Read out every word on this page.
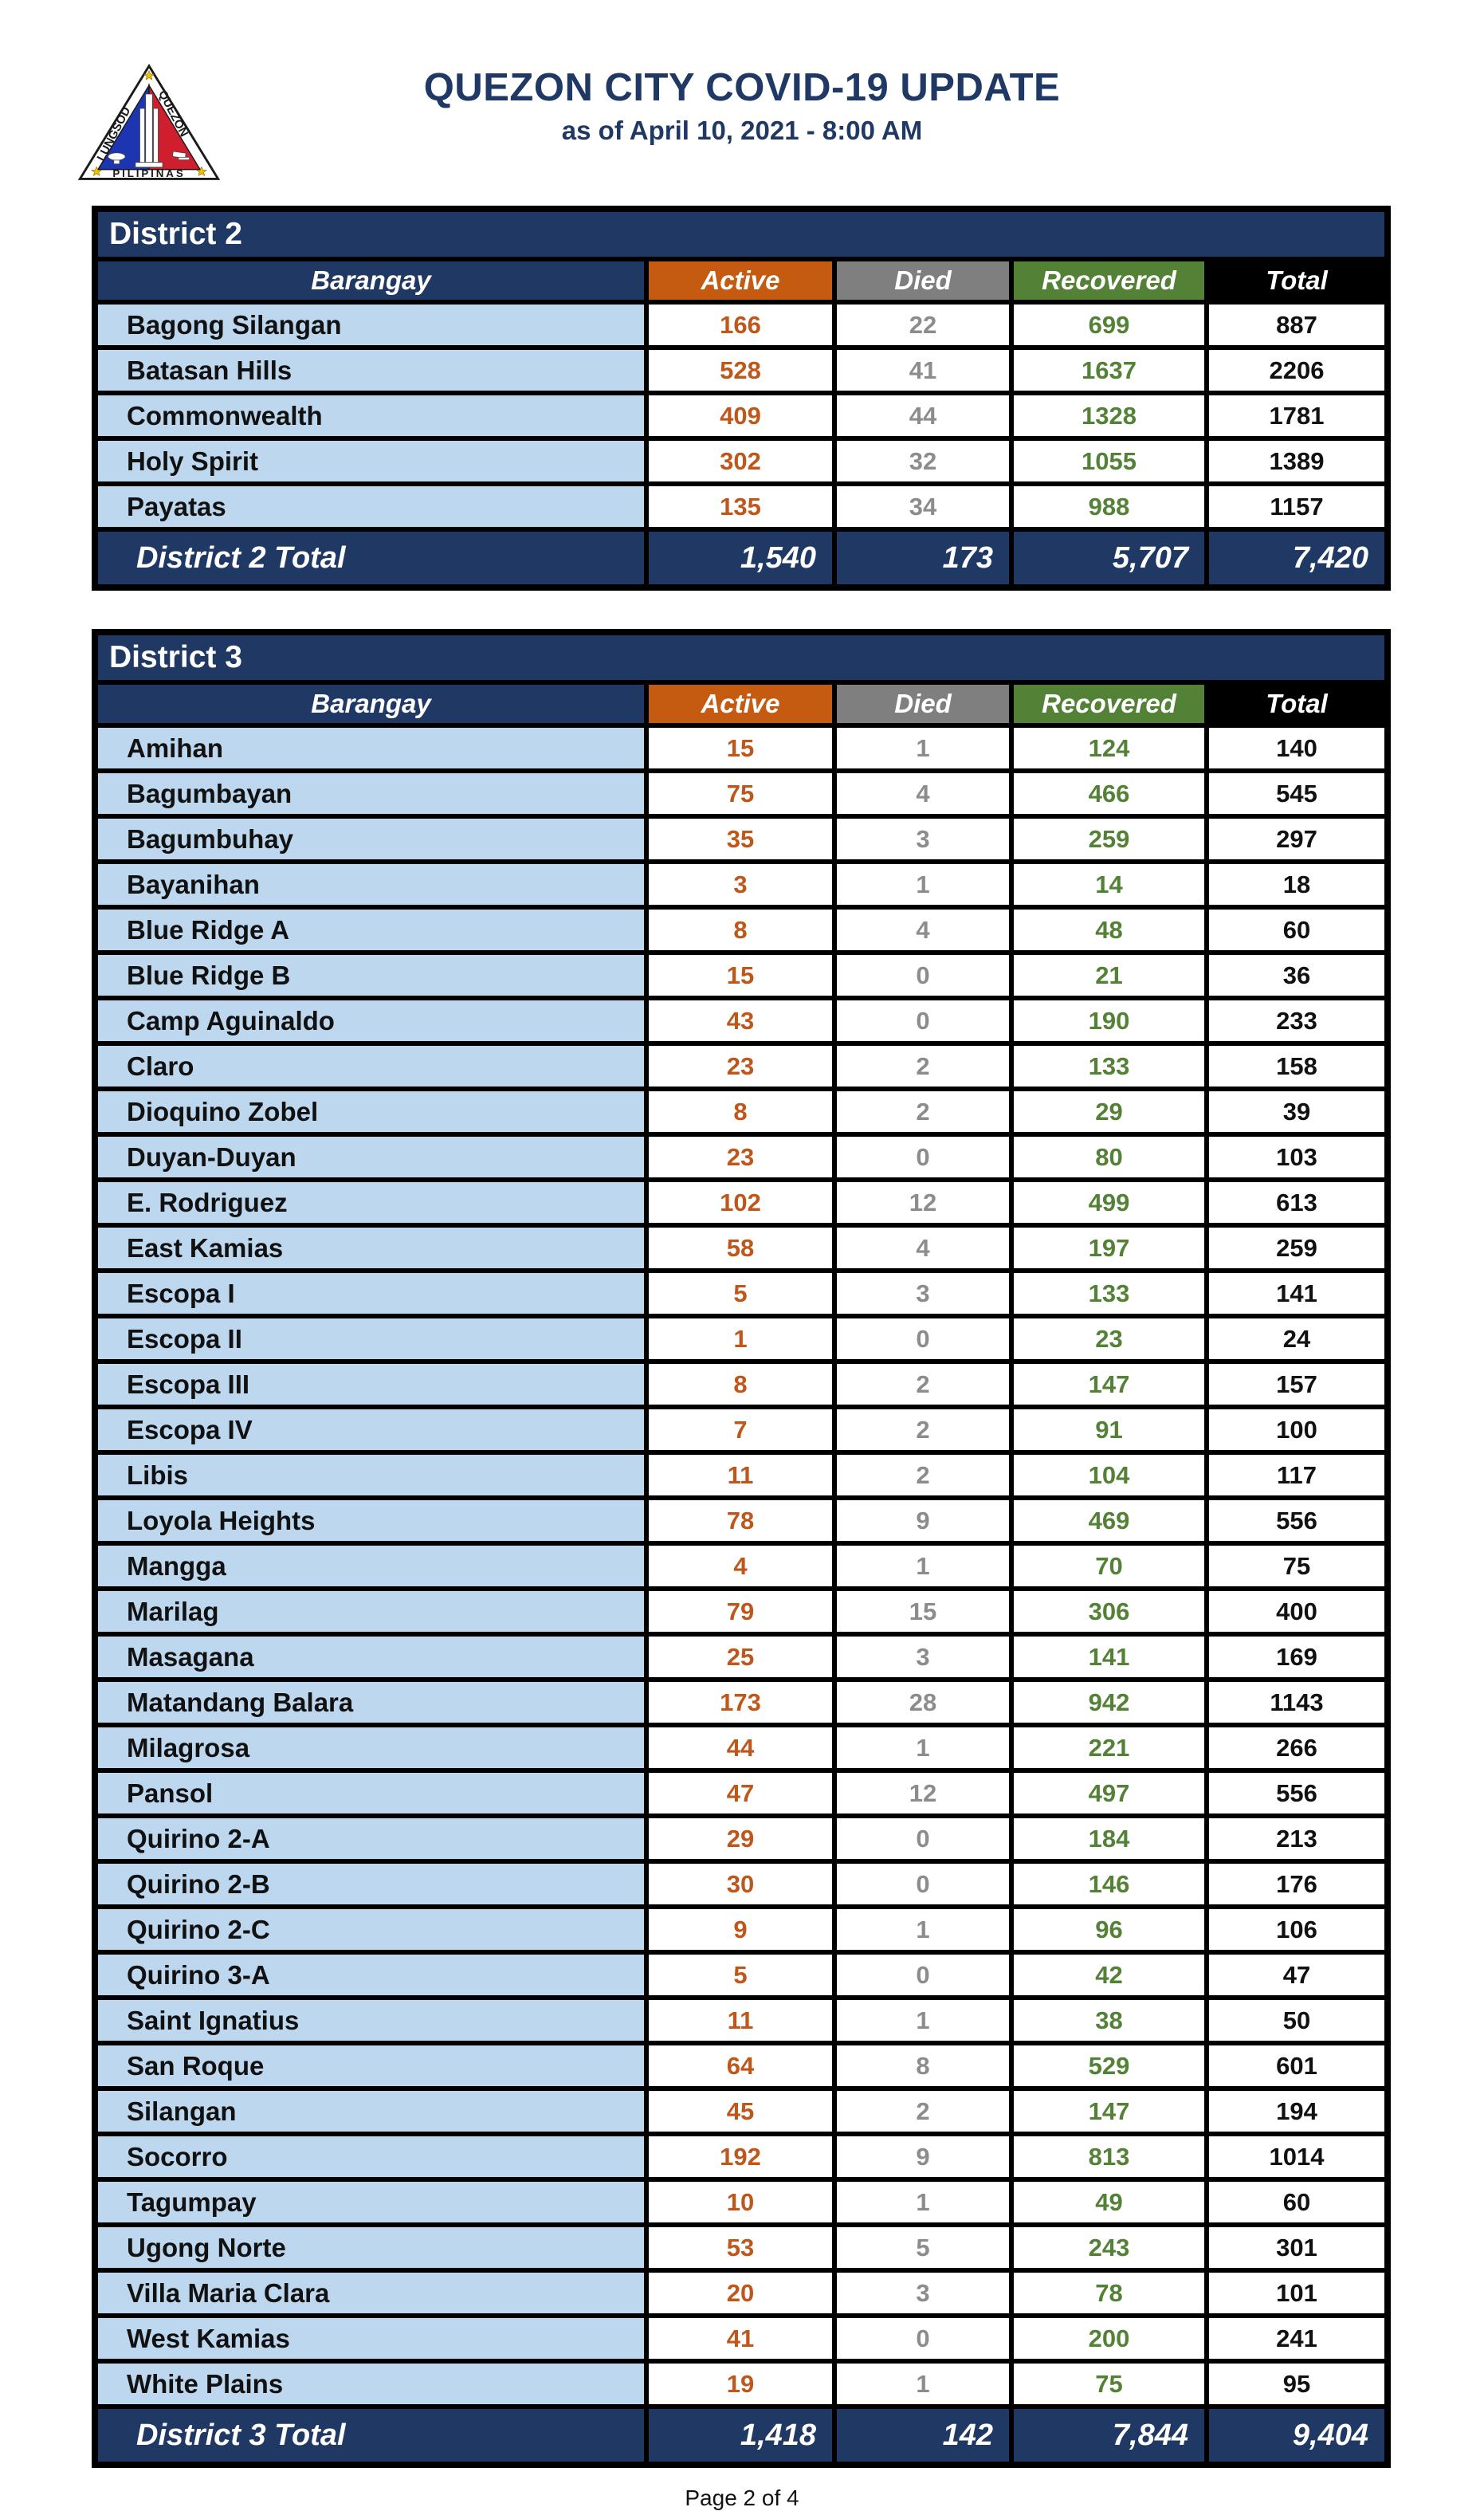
LUNGSOD
QUEZON
PILIPINAS
QUEZON CITY COVID-19 UPDATE
as of April 10, 2021 - 8:00 AM
District 2				
Barangay	Active	Died	Recovered	Total
Bagong Silangan	166	22	699	887
Batasan Hills	528	41	1637	2206
Commonwealth	409	44	1328	1781
Holy Spirit	302	32	1055	1389
Payatas	135	34	988	1157
District 2 Total	1,540	173	5,707	7,420
District 3				
Barangay	Active	Died	Recovered	Total
Amihan	15	1	124	140
Bagumbayan	75	4	466	545
Bagumbuhay	35	3	259	297
Bayanihan	3	1	14	18
Blue Ridge A	8	4	48	60
Blue Ridge B	15	0	21	36
Camp Aguinaldo	43	0	190	233
Claro	23	2	133	158
Dioquino Zobel	8	2	29	39
Duyan-Duyan	23	0	80	103
E. Rodriguez	102	12	499	613
East Kamias	58	4	197	259
Escopa I	5	3	133	141
Escopa II	1	0	23	24
Escopa III	8	2	147	157
Escopa IV	7	2	91	100
Libis	11	2	104	117
Loyola Heights	78	9	469	556
Mangga	4	1	70	75
Marilag	79	15	306	400
Masagana	25	3	141	169
Matandang Balara	173	28	942	1143
Milagrosa	44	1	221	266
Pansol	47	12	497	556
Quirino 2-A	29	0	184	213
Quirino 2-B	30	0	146	176
Quirino 2-C	9	1	96	106
Quirino 3-A	5	0	42	47
Saint Ignatius	11	1	38	50
San Roque	64	8	529	601
Silangan	45	2	147	194
Socorro	192	9	813	1014
Tagumpay	10	1	49	60
Ugong Norte	53	5	243	301
Villa Maria Clara	20	3	78	101
West Kamias	41	0	200	241
White Plains	19	1	75	95
District 3 Total	1,418	142	7,844	9,404
Page 2 of 4
